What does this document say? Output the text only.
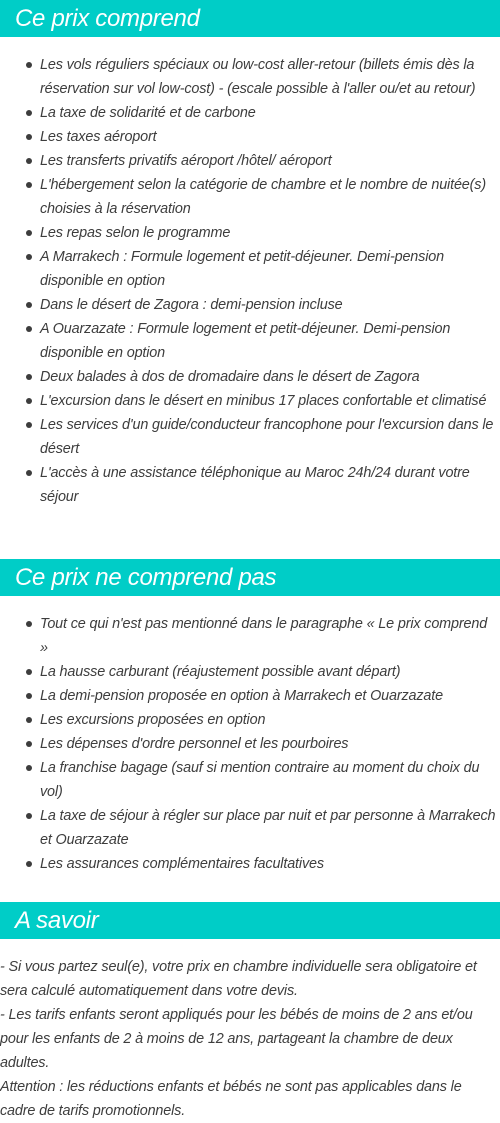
Ce prix comprend
Les vols réguliers spéciaux ou low-cost aller-retour (billets émis dès la réservation sur vol low-cost) - (escale possible à l'aller ou/et au retour)
La taxe de solidarité et de carbone
Les taxes aéroport
Les transferts privatifs aéroport /hôtel/ aéroport
L'hébergement selon la catégorie de chambre et le nombre de nuitée(s) choisies à la réservation
Les repas selon le programme
A Marrakech : Formule logement et petit-déjeuner. Demi-pension disponible en option
Dans le désert de Zagora : demi-pension incluse
A Ouarzazate : Formule logement et petit-déjeuner. Demi-pension disponible en option
Deux balades à dos de dromadaire dans le désert de Zagora
L'excursion dans le désert en minibus 17 places confortable et climatisé
Les services d'un guide/conducteur francophone pour l'excursion dans le désert
L'accès à une assistance téléphonique au Maroc 24h/24 durant votre séjour
Ce prix ne comprend pas
Tout ce qui n'est pas mentionné dans le paragraphe « Le prix comprend »
La hausse carburant (réajustement possible avant départ)
La demi-pension proposée en option à Marrakech et Ouarzazate
Les excursions proposées en option
Les dépenses d'ordre personnel et les pourboires
La franchise bagage (sauf si mention contraire au moment du choix du vol)
La taxe de séjour à régler sur place par nuit et par personne à Marrakech et Ouarzazate
Les assurances complémentaires facultatives
A savoir

- Si vous partez seul(e), votre prix en chambre individuelle sera obligatoire et sera calculé automatiquement dans votre devis.

- Les tarifs enfants seront appliqués pour les bébés de moins de 2 ans et/ou pour les enfants de 2 à moins de 12 ans, partageant la chambre de deux adultes.

Attention : les réductions enfants et bébés ne sont pas applicables dans le cadre de tarifs promotionnels.
